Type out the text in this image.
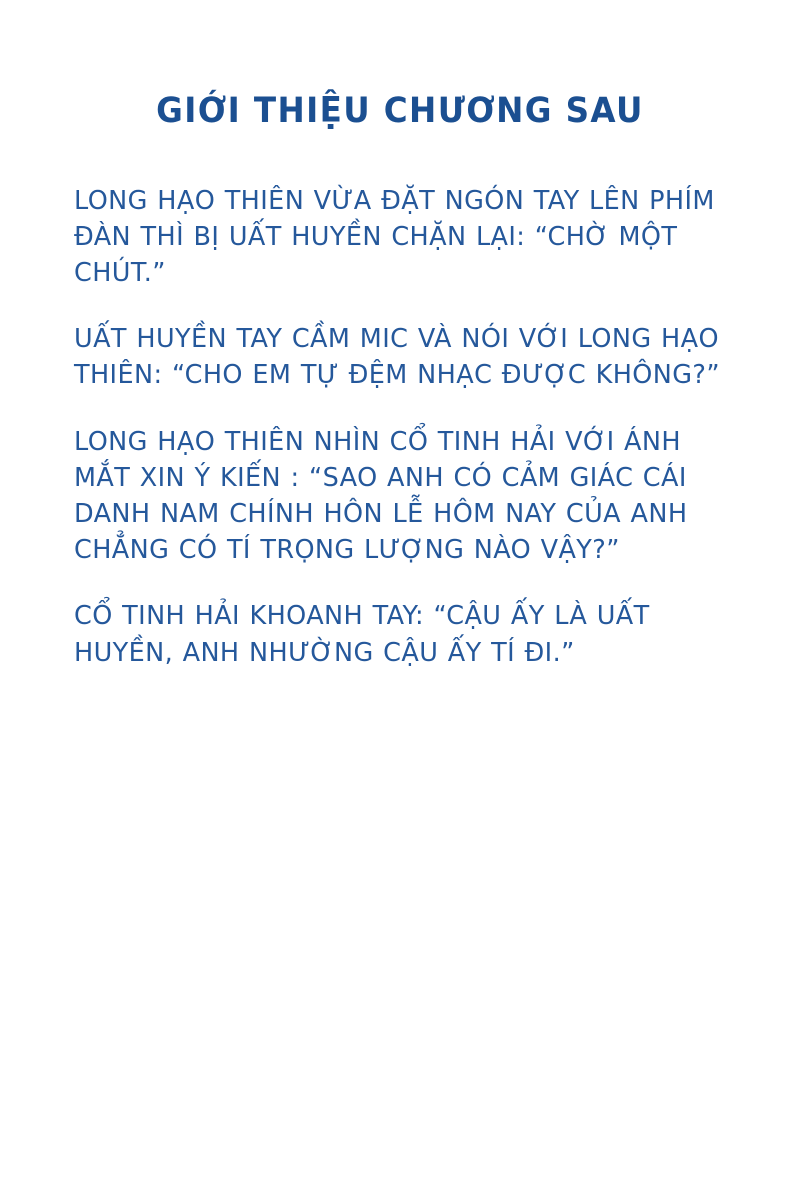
GIỚI THIỆU CHƯƠNG SAU

LONG HẠO THIÊN VỪA ĐẶT NGÓN TAY LÊN PHÍM ĐÀN THÌ BỊ UẤT HUYỀN CHẶN LẠI: “CHỜ MỘT CHÚT.”

UẤT HUYỀN TAY CẦM MIC VÀ NÓI VỚI LONG HẠO THIÊN: “CHO EM TỰ ĐỆM NHẠC ĐƯỢC KHÔNG?”

LONG HẠO THIÊN NHÌN CỔ TINH HẢI VỚI ÁNH MẮT XIN Ý KIẾN : “SAO ANH CÓ CẢM GIÁC CÁI DANH NAM CHÍNH HÔN LỄ HÔM NAY CỦA ANH CHẲNG CÓ TÍ TRỌNG LƯỢNG NÀO VẬY?”

CỔ TINH HẢI KHOANH TAY: “CẬU ẤY LÀ UẤT HUYỀN, ANH NHƯỜNG CẬU ẤY TÍ ĐI.”
